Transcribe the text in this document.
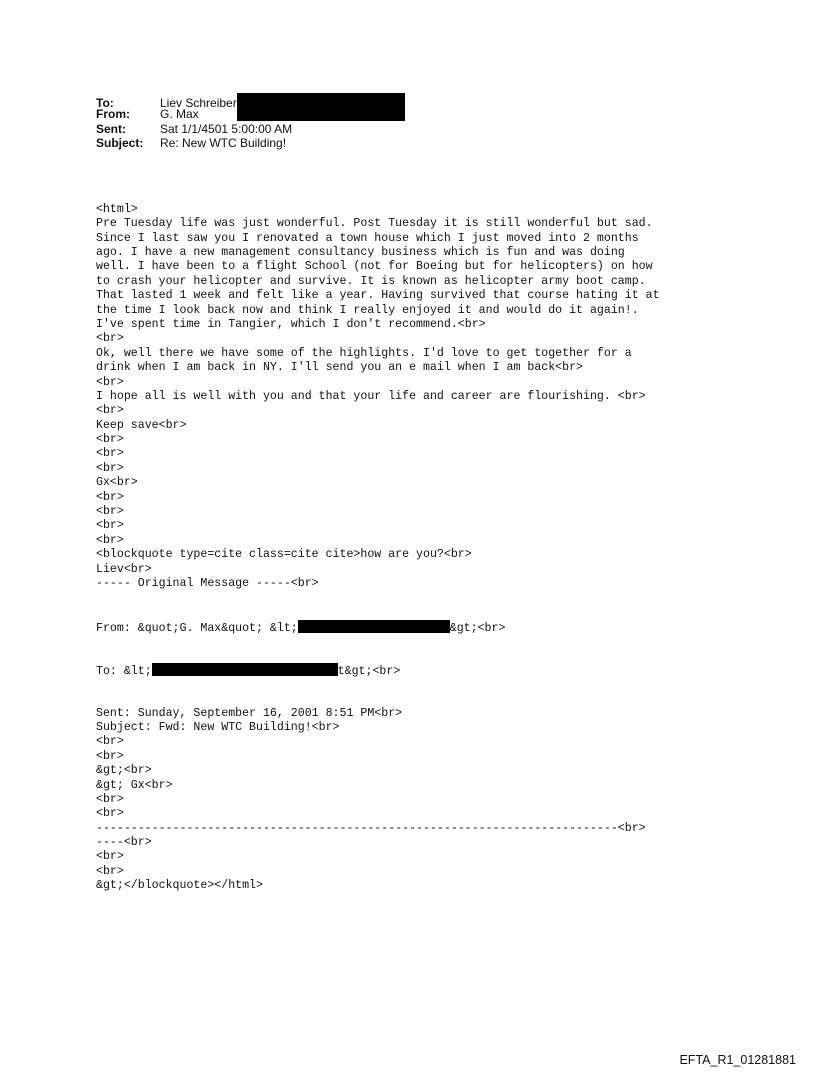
To:	Liev Schreiber
From:	G. Max
Sent:	Sat 1/1/4501 5:00:00 AM
Subject:	Re: New WTC Building!

<html>
Pre Tuesday life was just wonderful. Post Tuesday it is still wonderful but sad.
Since I last saw you I renovated a town house which I just moved into 2 months
ago. I have a new management consultancy business which is fun and was doing
well. I have been to a flight School (not for Boeing but for helicopters) on how
to crash your helicopter and survive. It is known as helicopter army boot camp.
That lasted 1 week and felt like a year. Having survived that course hating it at
the time I look back now and think I really enjoyed it and would do it again!.
I've spent time in Tangier, which I don't recommend.<br>
<br>
Ok, well there we have some of the highlights. I'd love to get together for a
drink when I am back in NY. I'll send you an e mail when I am back<br>
<br>
I hope all is well with you and that your life and career are flourishing. <br>
<br>
Keep save<br>
<br>
<br>
<br>
Gx<br>
<br>
<br>
<br>
<br>
<blockquote type=cite class=cite cite>how are you?<br>
Liev<br>
----- Original Message -----<br>

From: &quot;G. Max&quot; &lt;	&gt;<br>

To: &lt;	t&gt;<br>

Sent: Sunday, September 16, 2001 8:51 PM<br>
Subject: Fwd: New WTC Building!<br>
<br>
<br>
&gt;<br>
&gt; Gx<br>
<br>
<br>
---------------------------------------------------------------------------<br>
----<br>
<br>
<br>
&gt;</blockquote></html>

EFTA_R1_01281881
